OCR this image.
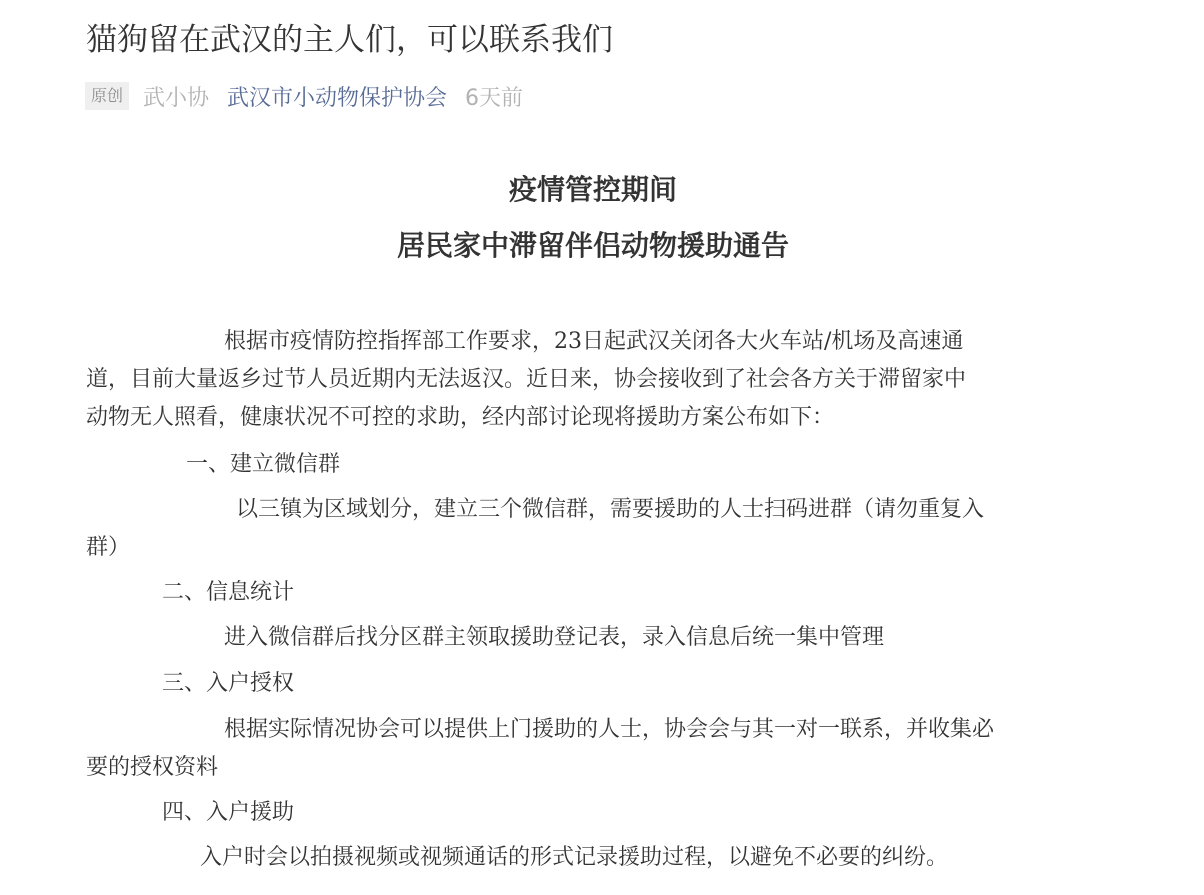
猫狗留在武汉的主人们，可以联系我们
原创 武小协 武汉市小动物保护协会 6天前
疫情管控期间
居民家中滞留伴侣动物援助通告
根据市疫情防控指挥部工作要求，23日起武汉关闭各大火车站/机场及高速通
道，目前大量返乡过节人员近期内无法返汉。近日来，协会接收到了社会各方关于滞留家中
动物无人照看，健康状况不可控的求助，经内部讨论现将援助方案公布如下：

一、建立微信群

以三镇为区域划分，建立三个微信群，需要援助的人士扫码进群（请勿重复入
群）

二、信息统计

进入微信群后找分区群主领取援助登记表，录入信息后统一集中管理

三、入户授权

根据实际情况协会可以提供上门援助的人士，协会会与其一对一联系，并收集必
要的授权资料

四、入户援助

入户时会以拍摄视频或视频通话的形式记录援助过程，以避免不必要的纠纷。
